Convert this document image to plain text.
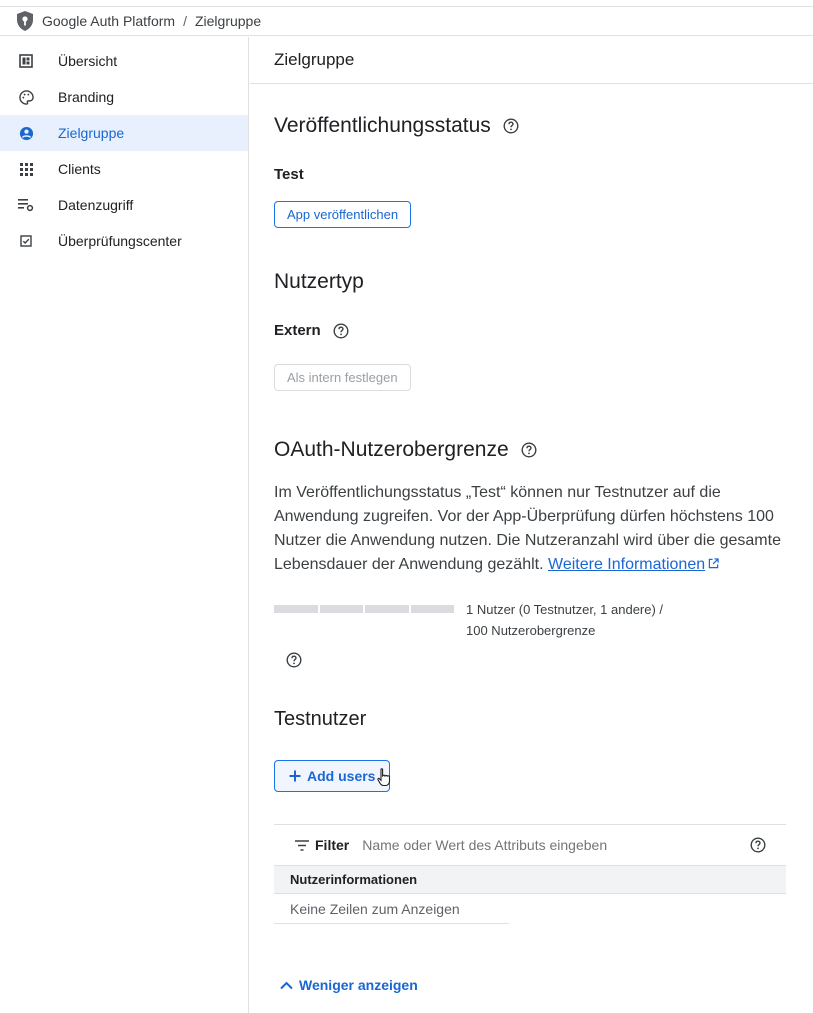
Google Auth Platform / Zielgruppe
Übersicht
Branding
Zielgruppe
Clients
Datenzugriff
Überprüfungscenter
Zielgruppe
Veröffentlichungsstatus
Test
App veröffentlichen
Nutzertyp
Extern
Als intern festlegen
OAuth-Nutzerobergrenze

Im Veröffentlichungsstatus „Test“ können nur Testnutzer auf die Anwendung zugreifen. Vor der App-Überprüfung dürfen höchstens 100 Nutzer die Anwendung nutzen. Die Nutzeranzahl wird über die gesamte Lebensdauer der Anwendung gezählt. Weitere Informationen

1 Nutzer (0 Testnutzer, 1 andere) /
100 Nutzerobergrenze
Testnutzer
Add users
Filter
Name oder Wert des Attributs eingeben
Nutzerinformationen
Keine Zeilen zum Anzeigen
Weniger anzeigen
